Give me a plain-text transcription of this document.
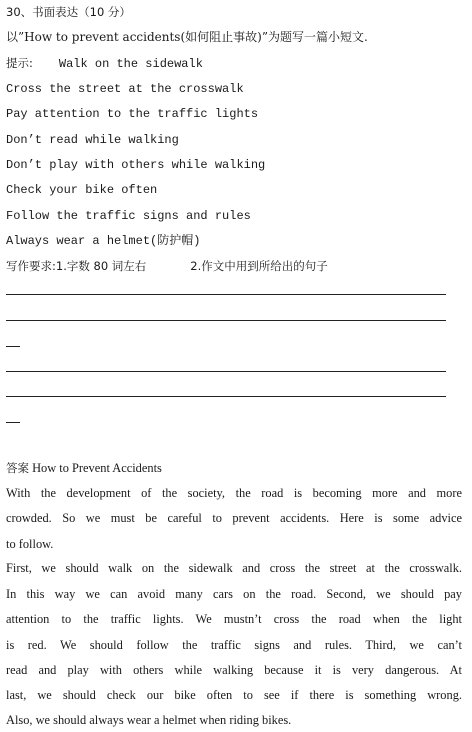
30、书面表达（10 分）
以”How to prevent accidents(如何阻止事故)”为题写一篇小短文.
提示: Walk on the sidewalk
Cross the street at the crosswalk
Pay attention to the traffic lights
Don’t read while walking
Don’t play with others while walking
Check your bike often
Follow the traffic signs and rules
Always wear a helmet(防护帽)
写作要求:1.字数 80 词左右	2.作文中用到所给出的句子
答案 How to Prevent Accidents
With the development of the society, the road is becoming more and more
crowded. So we must be careful to prevent accidents. Here is some advice
to follow.
First, we should walk on the sidewalk and cross the street at the crosswalk.
In this way we can avoid many cars on the road. Second, we should pay
attention to the traffic lights. We mustn’t cross the road when the light
is red. We should follow the traffic signs and rules. Third, we can’t
read and play with others while walking because it is very dangerous. At
last, we should check our bike often to see if there is something wrong.
Also, we should always wear a helmet when riding bikes.
